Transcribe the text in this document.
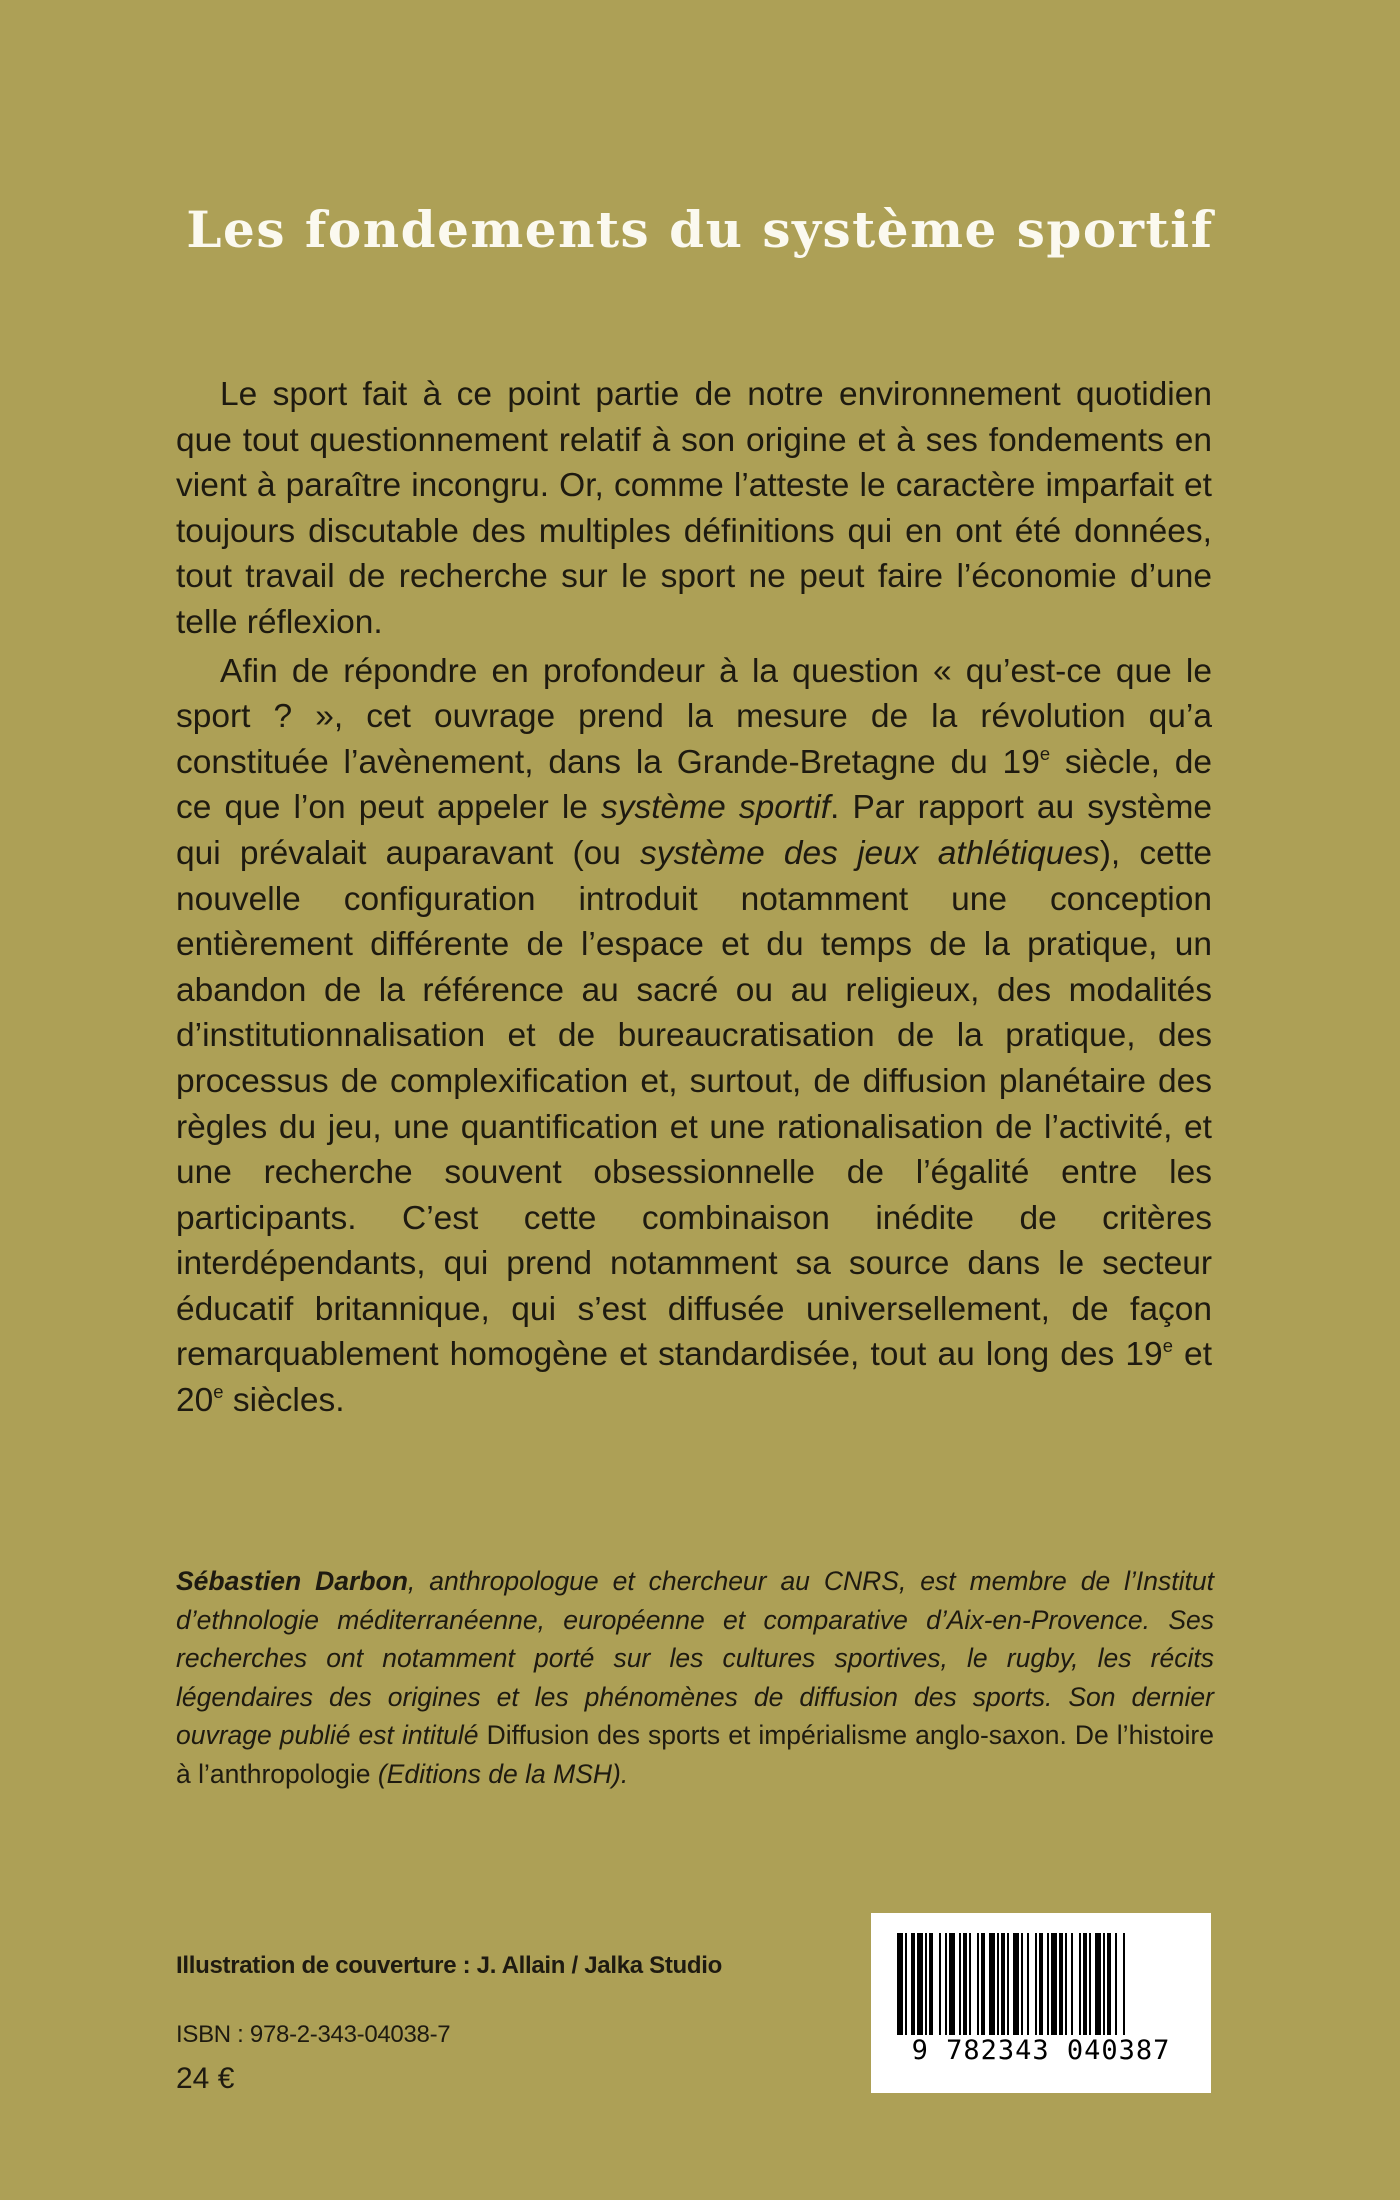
Les fondements du système sportif

Le sport fait à ce point partie de notre environnement quotidien que tout questionnement relatif à son origine et à ses fondements en vient à paraître incongru. Or, comme l’atteste le caractère imparfait et toujours discutable des multiples définitions qui en ont été données, tout travail de recherche sur le sport ne peut faire l’économie d’une telle réflexion.

Afin de répondre en profondeur à la question « qu’est-ce que le sport ? », cet ouvrage prend la mesure de la révolution qu’a constituée l’avènement, dans la Grande-Bretagne du 19e siècle, de ce que l’on peut appeler le système sportif. Par rapport au système qui prévalait auparavant (ou système des jeux athlétiques), cette nouvelle configuration introduit notamment une conception entièrement différente de l’espace et du temps de la pratique, un abandon de la référence au sacré ou au religieux, des modalités d’institutionnalisation et de bureaucratisation de la pratique, des processus de complexification et, surtout, de diffusion planétaire des règles du jeu, une quantification et une rationalisation de l’activité, et une recherche souvent obsessionnelle de l’égalité entre les participants. C’est cette combinaison inédite de critères interdépendants, qui prend notamment sa source dans le secteur éducatif britannique, qui s’est diffusée universellement, de façon remarquablement homogène et standardisée, tout au long des 19e et 20e siècles.

Sébastien Darbon, anthropologue et chercheur au CNRS, est membre de l’Institut d’ethnologie méditerranéenne, européenne et comparative d’Aix-en-Provence. Ses recherches ont notamment porté sur les cultures sportives, le rugby, les récits légendaires des origines et les phénomènes de diffusion des sports. Son dernier ouvrage publié est intitulé Diffusion des sports et impérialisme anglo-saxon. De l’histoire à l’anthropologie (Editions de la MSH).
Illustration de couverture : J. Allain / Jalka Studio
ISBN : 978-2-343-04038-7
24 €
9 782343 040387
